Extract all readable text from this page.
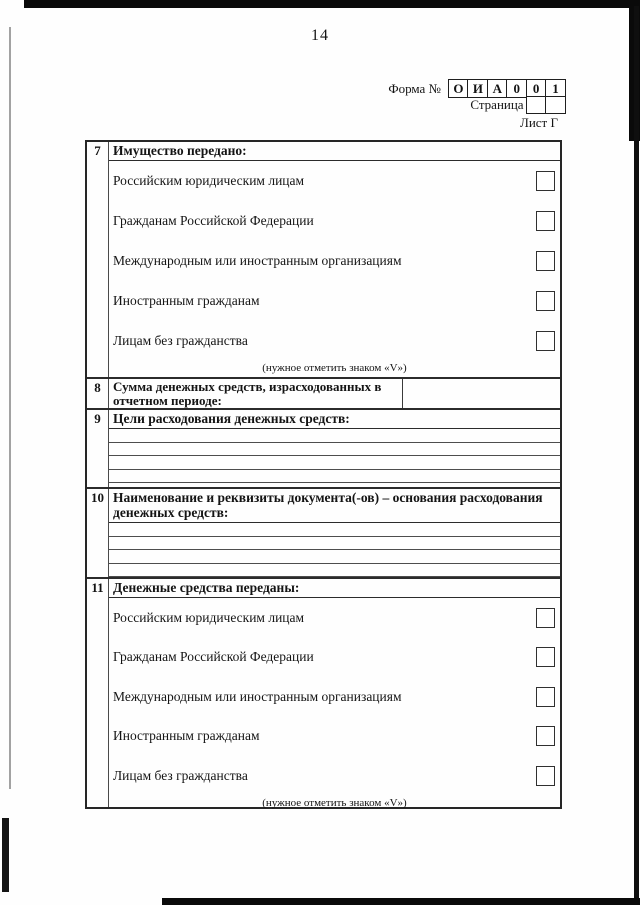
14
Форма № О И А 0 0 1
Страница
Лист Г
7 Имущество передано:
Российским юридическим лицам
Гражданам Российской Федерации
Международным или иностранным организациям
Иностранным гражданам
Лицам без гражданства
(нужное отметить знаком «V»)
8 Сумма денежных средств, израсходованных в отчетном периоде:
9 Цели расходования денежных средств:
10 Наименование и реквизиты документа(-ов) – основания расходования денежных средств:
11 Денежные средства переданы:
Российским юридическим лицам
Гражданам Российской Федерации
Международным или иностранным организациям
Иностранным гражданам
Лицам без гражданства
(нужное отметить знаком «V»)
